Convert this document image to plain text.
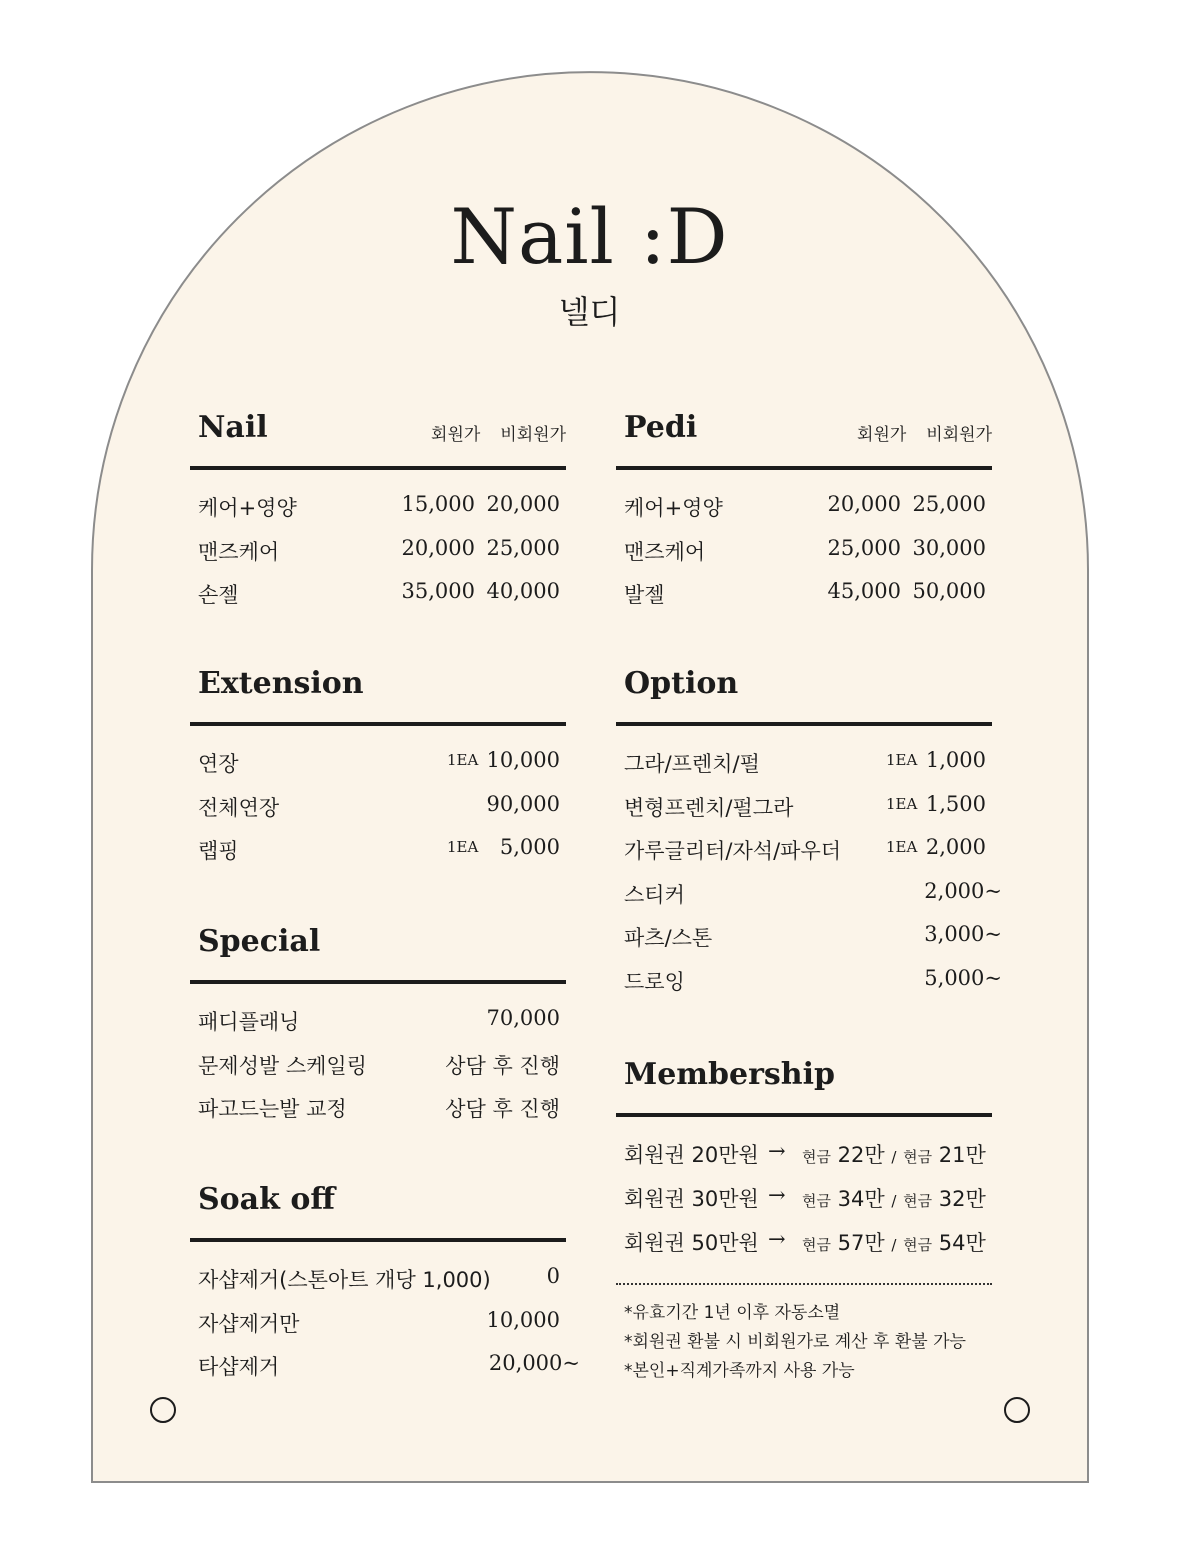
Nail :D
넬디
Nail	회원가 비회원가
케어+영양	15,000 20,000
맨즈케어	20,000 25,000
손젤	35,000 40,000
Pedi	회원가 비회원가
케어+영양	20,000 25,000
맨즈케어	25,000 30,000
발젤	45,000 50,000
Extension
연장	1EA 10,000
전체연장	90,000
랩핑	1EA 5,000
Option
그라/프렌치/펄	1EA 1,000
변형프렌치/펄그라	1EA 1,500
가루글리터/자석/파우더	1EA 2,000
스티커	2,000~
파츠/스톤	3,000~
드로잉	5,000~
Special
패디플래닝	70,000
문제성발 스케일링	상담 후 진행
파고드는발 교정	상담 후 진행
Soak off
자샵제거(스톤아트 개당 1,000)	0
자샵제거만	10,000
타샵제거	20,000~
Membership
회원권 20만원 → 현금 22만 / 현금 21만
회원권 30만원 → 현금 34만 / 현금 32만
회원권 50만원 → 현금 57만 / 현금 54만
*유효기간 1년 이후 자동소멸
*회원권 환불 시 비회원가로 계산 후 환불 가능
*본인+직계가족까지 사용 가능
